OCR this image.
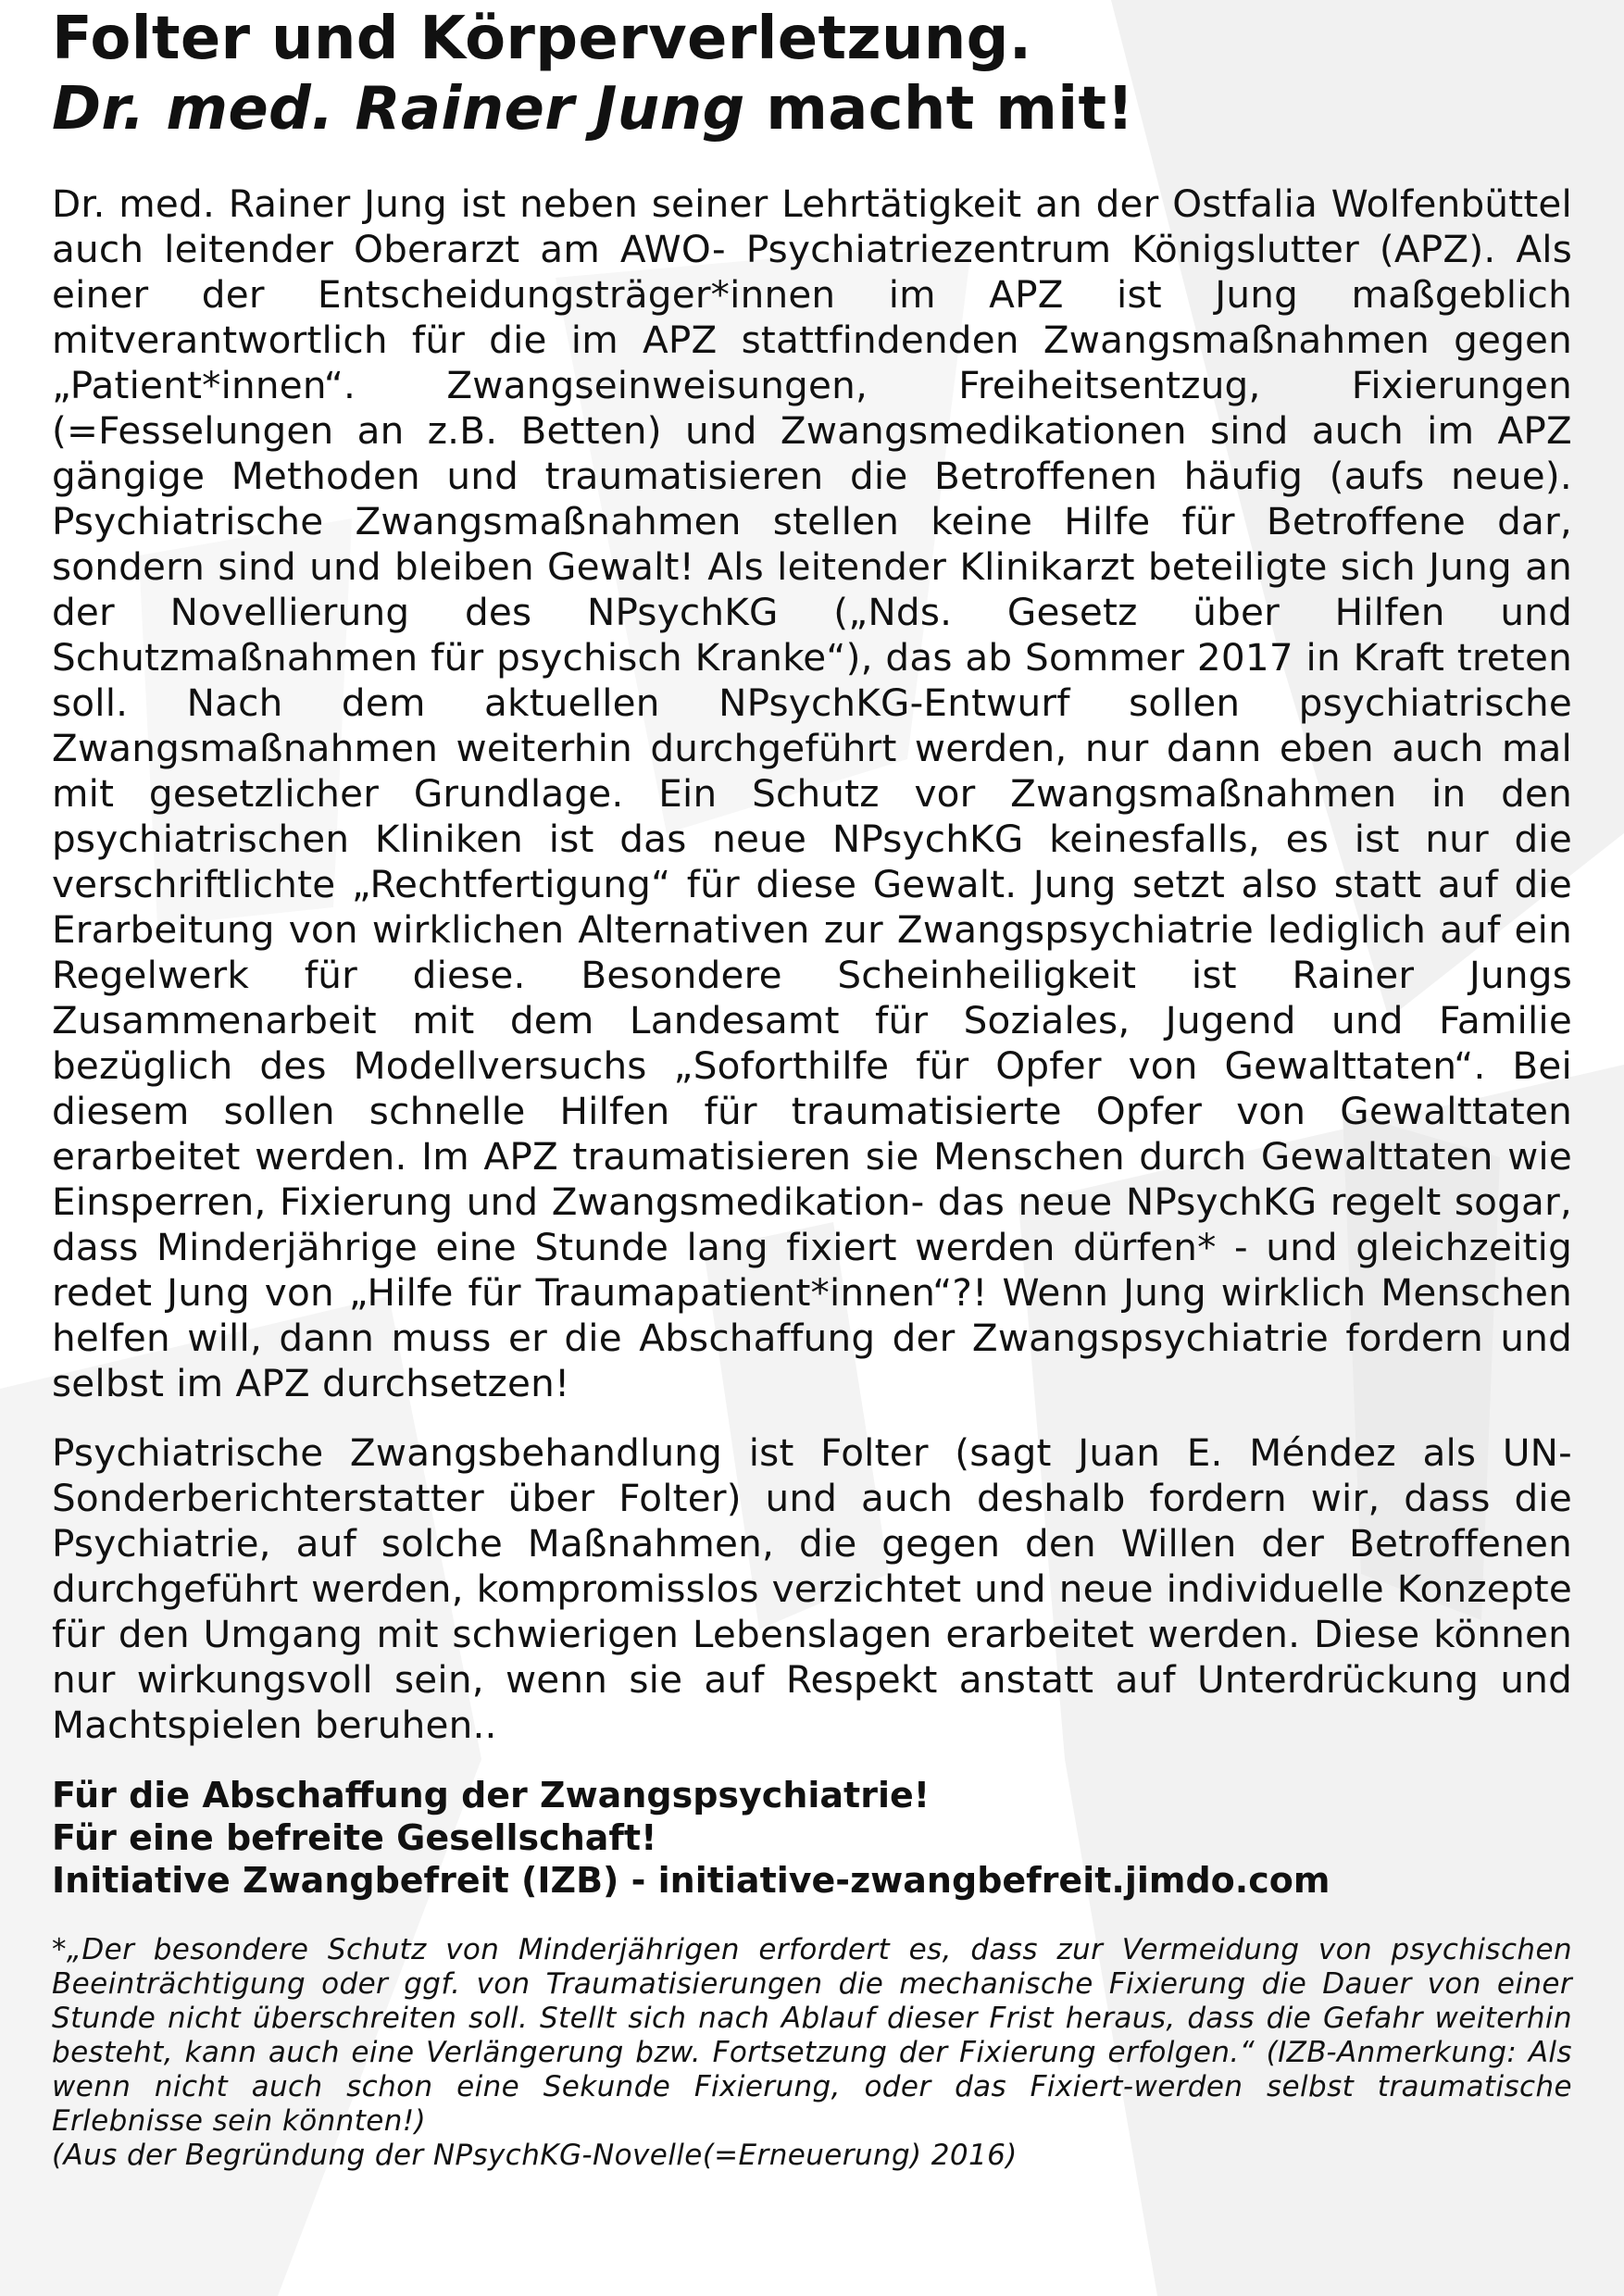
Folter und Körperverletzung.
Dr. med. Rainer Jung macht mit!

Dr. med. Rainer Jung ist neben seiner Lehrtätigkeit an der Ostfalia Wolfenbüttel auch leitender Oberarzt am AWO- Psychiatriezentrum Königslutter (APZ). Als einer der Entscheidungsträger*innen im APZ ist Jung maßgeblich mitverantwortlich für die im APZ stattfindenden Zwangsmaßnahmen gegen „Patient*innen“. Zwangseinweisungen, Freiheitsentzug, Fixierungen (=Fesselungen an z.B. Betten) und Zwangsmedikationen sind auch im APZ gängige Methoden und traumatisieren die Betroffenen häufig (aufs neue). Psychiatrische Zwangsmaßnahmen stellen keine Hilfe für Betroffene dar, sondern sind und bleiben Gewalt! Als leitender Klinikarzt beteiligte sich Jung an der Novellierung des NPsychKG („Nds. Gesetz über Hilfen und Schutzmaßnahmen für psychisch Kranke“), das ab Sommer 2017 in Kraft treten soll. Nach dem aktuellen NPsychKG-Entwurf sollen psychiatrische Zwangsmaßnahmen weiterhin durchgeführt werden, nur dann eben auch mal mit gesetzlicher Grundlage. Ein Schutz vor Zwangsmaßnahmen in den psychiatrischen Kliniken ist das neue NPsychKG keinesfalls, es ist nur die verschriftlichte „Rechtfertigung“ für diese Gewalt. Jung setzt also statt auf die Erarbeitung von wirklichen Alternativen zur Zwangspsychiatrie lediglich auf ein Regelwerk für diese. Besondere Scheinheiligkeit ist Rainer Jungs Zusammenarbeit mit dem Landesamt für Soziales, Jugend und Familie bezüglich des Modellversuchs „Soforthilfe für Opfer von Gewalttaten“. Bei diesem sollen schnelle Hilfen für traumatisierte Opfer von Gewalttaten erarbeitet werden. Im APZ traumatisieren sie Menschen durch Gewalttaten wie Einsperren, Fixierung und Zwangsmedikation- das neue NPsychKG regelt sogar, dass Minderjährige eine Stunde lang fixiert werden dürfen* - und gleichzeitig redet Jung von „Hilfe für Traumapatient*innen“?! Wenn Jung wirklich Menschen helfen will, dann muss er die Abschaffung der Zwangspsychiatrie fordern und selbst im APZ durchsetzen!

Psychiatrische Zwangsbehandlung ist Folter (sagt Juan E. Méndez als UN-Sonderberichterstatter über Folter) und auch deshalb fordern wir, dass die Psychiatrie, auf solche Maßnahmen, die gegen den Willen der Betroffenen durchgeführt werden, kompromisslos verzichtet und neue individuelle Konzepte für den Umgang mit schwierigen Lebenslagen erarbeitet werden. Diese können nur wirkungsvoll sein, wenn sie auf Respekt anstatt auf Unterdrückung und Machtspielen beruhen..

Für die Abschaffung der Zwangspsychiatrie!
Für eine befreite Gesellschaft!
Initiative Zwangbefreit (IZB) - initiative-zwangbefreit.jimdo.com
*„Der besondere Schutz von Minderjährigen erfordert es, dass zur Vermeidung von psychischen Beeinträchtigung oder ggf. von Traumatisierungen die mechanische Fixierung die Dauer von einer Stunde nicht überschreiten soll. Stellt sich nach Ablauf dieser Frist heraus, dass die Gefahr weiterhin besteht, kann auch eine Verlängerung bzw. Fortsetzung der Fixierung erfolgen.“ (IZB-Anmerkung: Als wenn nicht auch schon eine Sekunde Fixierung, oder das Fixiert-werden selbst traumatische Erlebnisse sein könnten!)
(Aus der Begründung der NPsychKG-Novelle(=Erneuerung) 2016)
